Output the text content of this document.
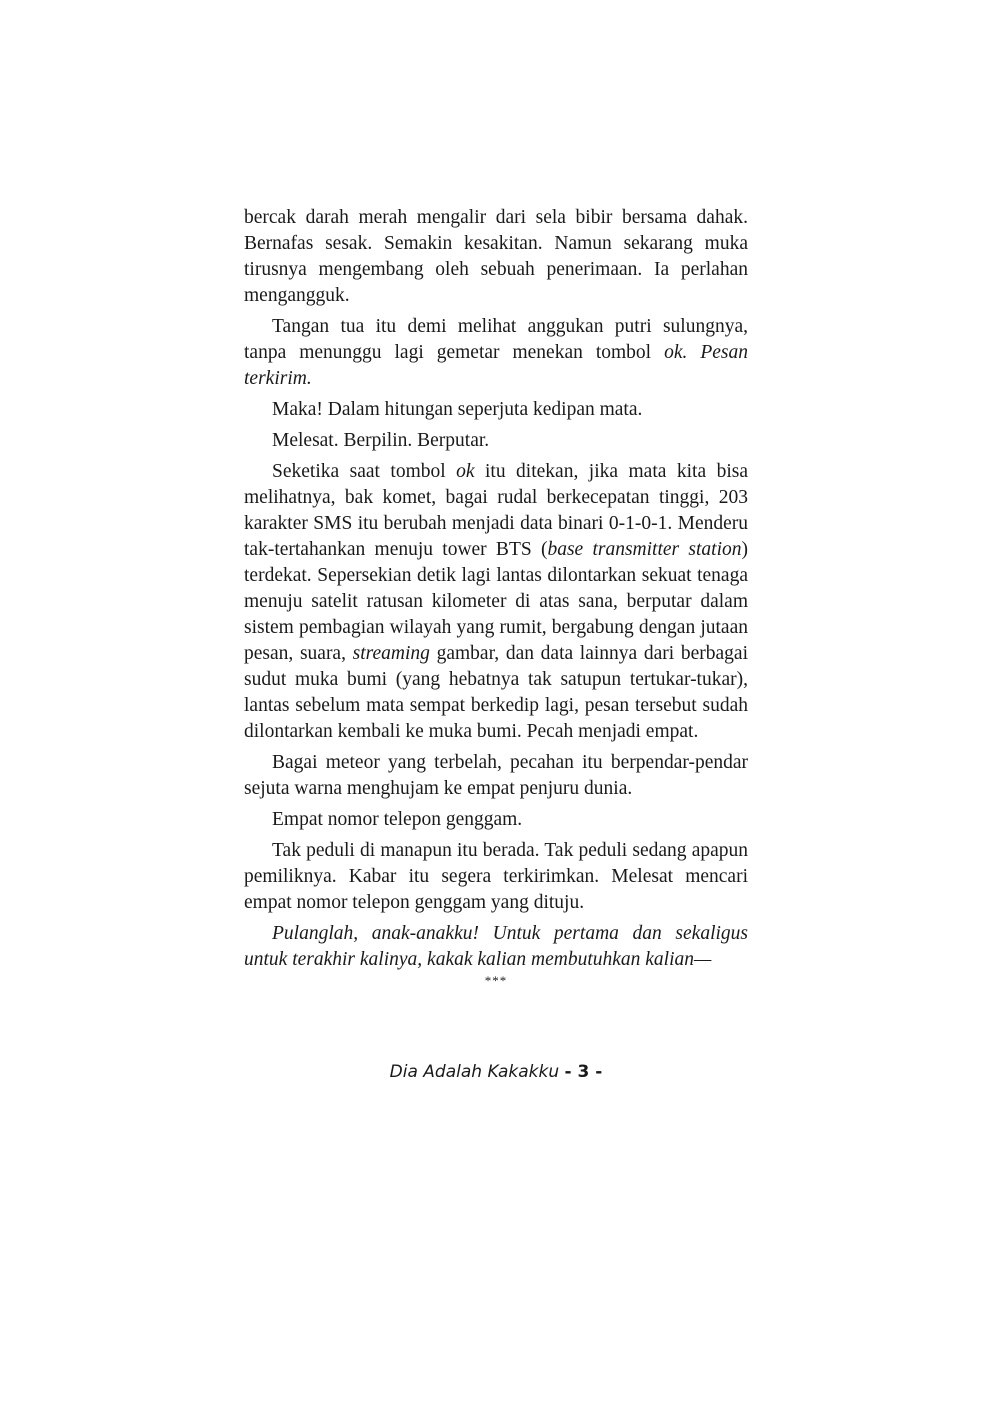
bercak darah merah mengalir dari sela bibir bersama dahak. Bernafas sesak. Semakin kesakitan. Namun sekarang muka tirusnya mengembang oleh sebuah penerimaan. Ia perlahan mengangguk.

Tangan tua itu demi melihat anggukan putri sulungnya, tanpa menunggu lagi gemetar menekan tombol ok. Pesan terkirim.

Maka! Dalam hitungan seperjuta kedipan mata.

Melesat. Berpilin. Berputar.

Seketika saat tombol ok itu ditekan, jika mata kita bisa melihatnya, bak komet, bagai rudal berkecepatan tinggi, 203 karakter SMS itu berubah menjadi data binari 0-1-0-1. Menderu tak-tertahankan menuju tower BTS (base transmitter station) terdekat. Sepersekian detik lagi lantas dilontarkan sekuat tenaga menuju satelit ratusan kilometer di atas sana, berputar dalam sistem pembagian wilayah yang rumit, bergabung dengan jutaan pesan, suara, streaming gambar, dan data lainnya dari berbagai sudut muka bumi (yang hebatnya tak satupun tertukar-tukar), lantas sebelum mata sempat berkedip lagi, pesan tersebut sudah dilontarkan kembali ke muka bumi. Pecah menjadi empat.

Bagai meteor yang terbelah, pecahan itu berpendar-pendar sejuta warna menghujam ke empat penjuru dunia.

Empat nomor telepon genggam.

Tak peduli di manapun itu berada. Tak peduli sedang apapun pemiliknya. Kabar itu segera terkirimkan. Melesat mencari empat nomor telepon genggam yang dituju.

Pulanglah, anak-anakku! Untuk pertama dan sekaligus untuk terakhir kalinya, kakak kalian membutuhkan kalian—

***
Dia Adalah Kakakku - 3 -
